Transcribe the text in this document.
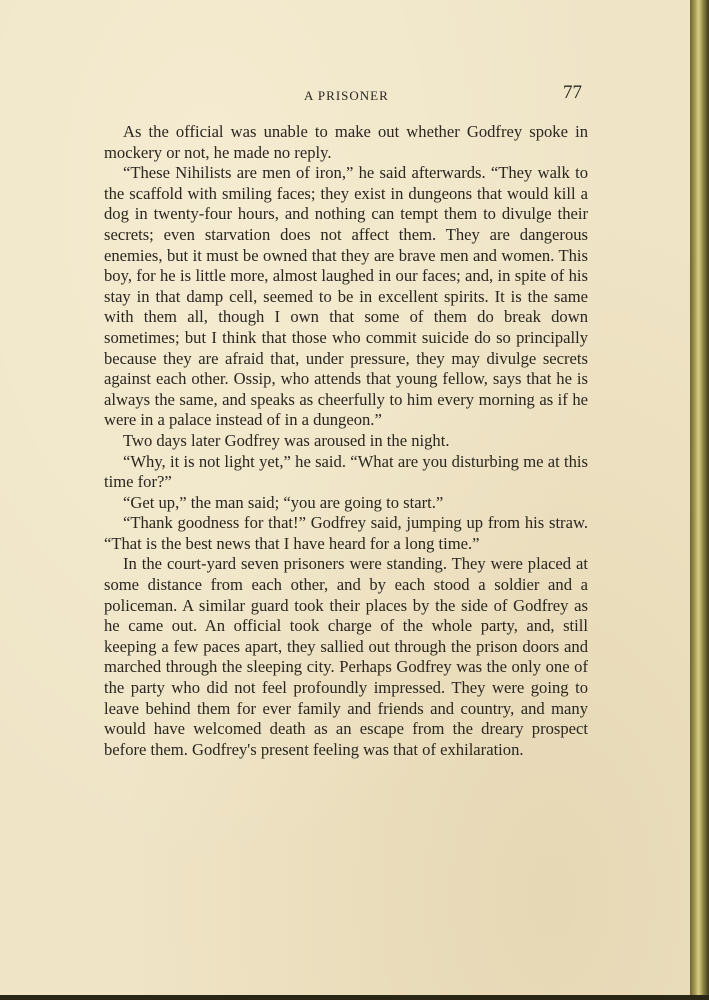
A PRISONER	77

As the official was unable to make out whether Godfrey spoke in mockery or not, he made no reply.

“These Nihilists are men of iron,” he said afterwards. “They walk to the scaffold with smiling faces; they exist in dungeons that would kill a dog in twenty-four hours, and nothing can tempt them to divulge their secrets; even starvation does not affect them. They are dangerous enemies, but it must be owned that they are brave men and women. This boy, for he is little more, almost laughed in our faces; and, in spite of his stay in that damp cell, seemed to be in excellent spirits. It is the same with them all, though I own that some of them do break down sometimes; but I think that those who commit suicide do so principally because they are afraid that, under pressure, they may divulge secrets against each other. Ossip, who attends that young fellow, says that he is always the same, and speaks as cheerfully to him every morning as if he were in a palace instead of in a dungeon.”

Two days later Godfrey was aroused in the night.

“Why, it is not light yet,” he said. “What are you disturbing me at this time for?”

“Get up,” the man said; “you are going to start.”

“Thank goodness for that!” Godfrey said, jumping up from his straw. “That is the best news that I have heard for a long time.”

In the court-yard seven prisoners were standing. They were placed at some distance from each other, and by each stood a soldier and a policeman. A similar guard took their places by the side of Godfrey as he came out. An official took charge of the whole party, and, still keeping a few paces apart, they sallied out through the prison doors and marched through the sleeping city. Perhaps Godfrey was the only one of the party who did not feel profoundly impressed. They were going to leave behind them for ever family and friends and country, and many would have welcomed death as an escape from the dreary prospect before them. Godfrey's present feeling was that of exhilaration.
